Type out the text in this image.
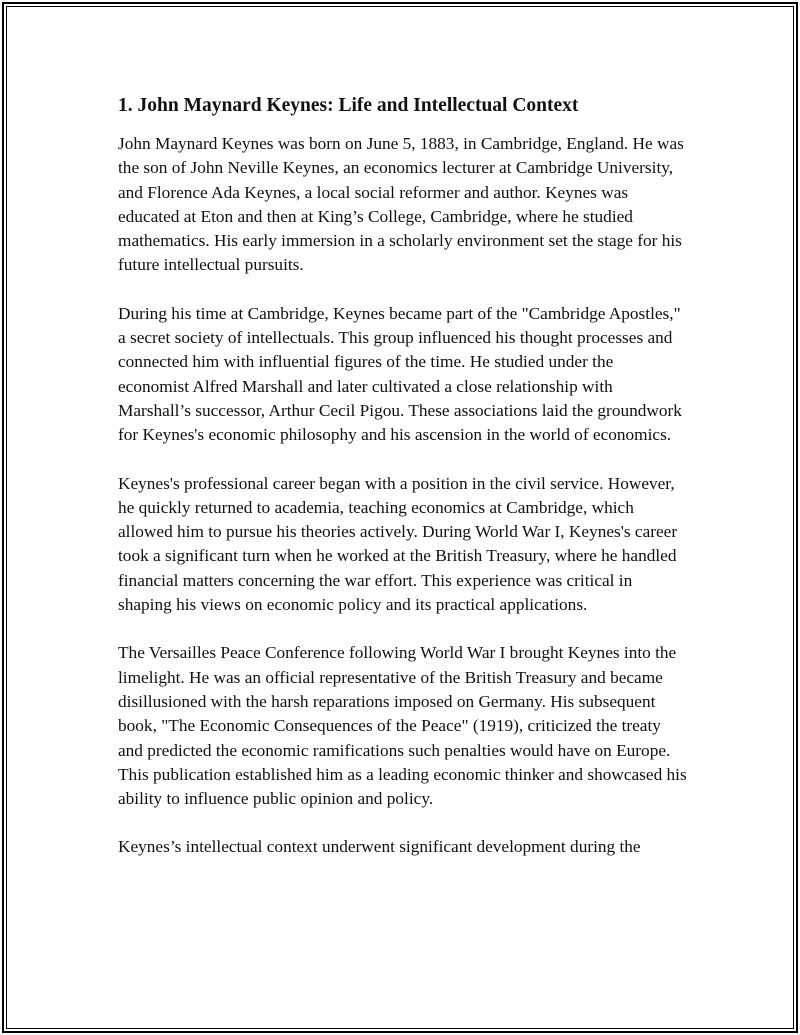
1. John Maynard Keynes: Life and Intellectual Context

John Maynard Keynes was born on June 5, 1883, in Cambridge, England. He was the son of John Neville Keynes, an economics lecturer at Cambridge University, and Florence Ada Keynes, a local social reformer and author. Keynes was educated at Eton and then at King’s College, Cambridge, where he studied mathematics. His early immersion in a scholarly environment set the stage for his future intellectual pursuits.

During his time at Cambridge, Keynes became part of the "Cambridge Apostles," a secret society of intellectuals. This group influenced his thought processes and connected him with influential figures of the time. He studied under the economist Alfred Marshall and later cultivated a close relationship with Marshall’s successor, Arthur Cecil Pigou. These associations laid the groundwork for Keynes's economic philosophy and his ascension in the world of economics.

Keynes's professional career began with a position in the civil service. However, he quickly returned to academia, teaching economics at Cambridge, which allowed him to pursue his theories actively. During World War I, Keynes's career took a significant turn when he worked at the British Treasury, where he handled financial matters concerning the war effort. This experience was critical in shaping his views on economic policy and its practical applications.

The Versailles Peace Conference following World War I brought Keynes into the limelight. He was an official representative of the British Treasury and became disillusioned with the harsh reparations imposed on Germany. His subsequent book, "The Economic Consequences of the Peace" (1919), criticized the treaty and predicted the economic ramifications such penalties would have on Europe. This publication established him as a leading economic thinker and showcased his ability to influence public opinion and policy.

Keynes’s intellectual context underwent significant development during the
